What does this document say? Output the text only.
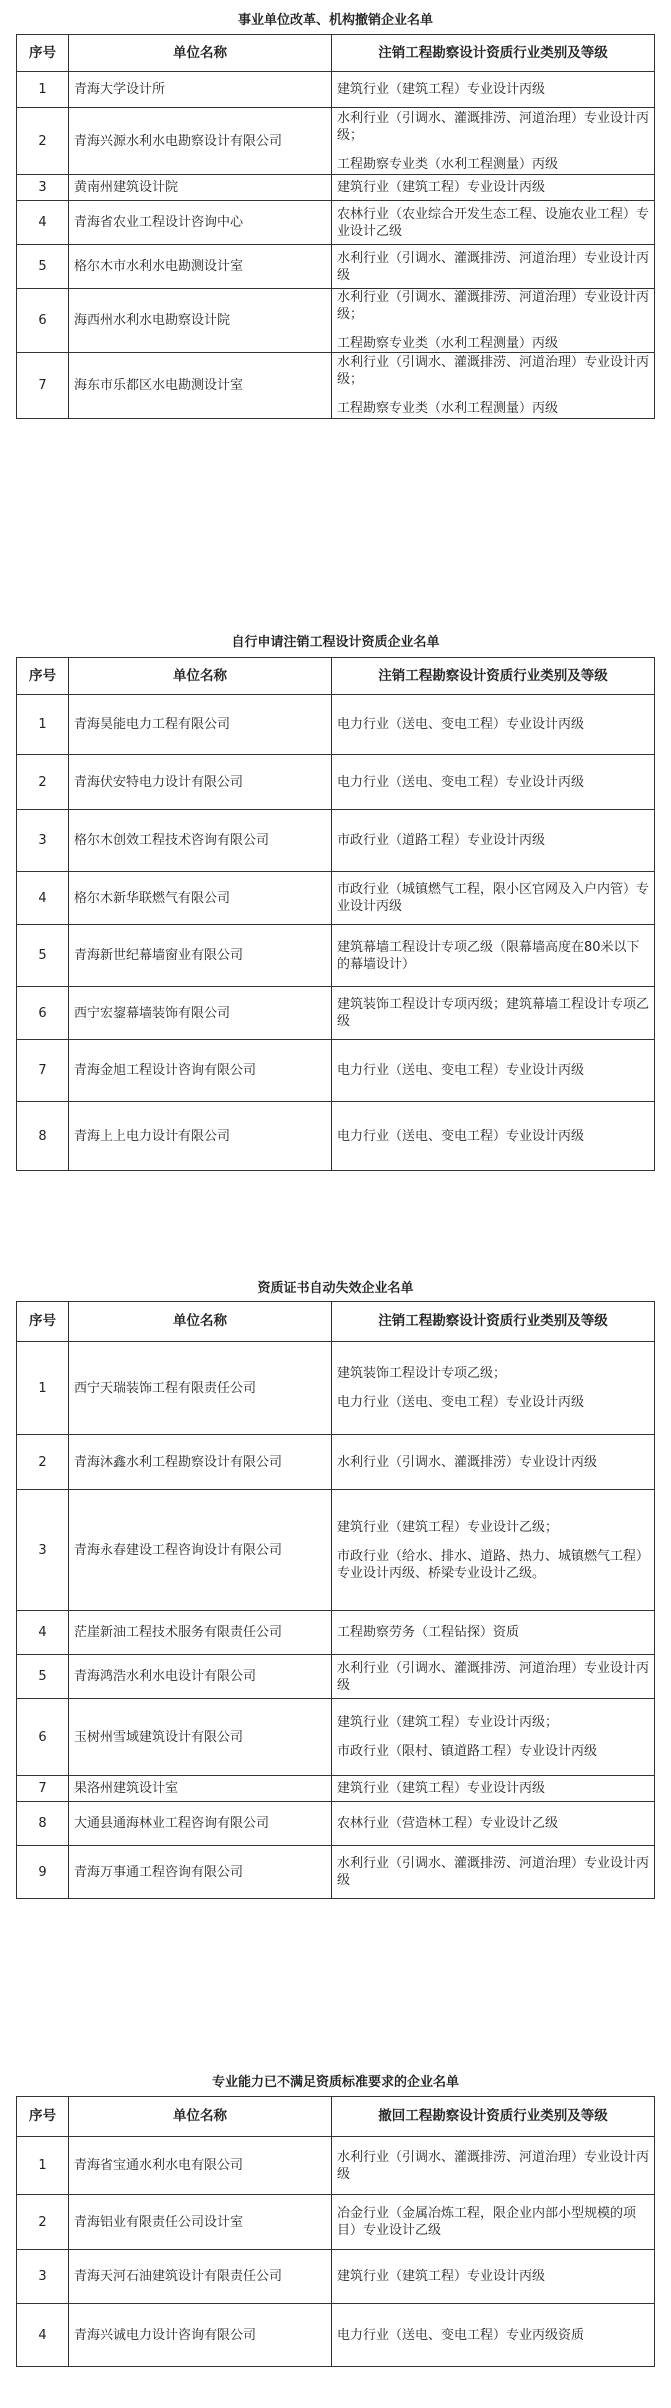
事业单位改革、机构撤销企业名单
序号	单位名称	注销工程勘察设计资质行业类别及等级
1	青海大学设计所	建筑行业（建筑工程）专业设计丙级

2	青海兴源水利水电勘察设计有限公司	水利行业（引调水、灌溉排涝、河道治理）专业设计丙级；
工程勘察专业类（水利工程测量）丙级

3	黄南州建筑设计院	建筑行业（建筑工程）专业设计丙级

4	青海省农业工程设计咨询中心	农林行业（农业综合开发生态工程、设施农业工程）专业设计乙级

5	格尔木市水利水电勘测设计室	水利行业（引调水、灌溉排涝、河道治理）专业设计丙级

6	海西州水利水电勘察设计院	水利行业（引调水、灌溉排涝、河道治理）专业设计丙级；
工程勘察专业类（水利工程测量）丙级

7	海东市乐都区水电勘测设计室	水利行业（引调水、灌溉排涝、河道治理）专业设计丙级；
工程勘察专业类（水利工程测量）丙级
自行申请注销工程设计资质企业名单
序号	单位名称	注销工程勘察设计资质行业类别及等级
1	青海昊能电力工程有限公司	电力行业（送电、变电工程）专业设计丙级

2	青海伏安特电力设计有限公司	电力行业（送电、变电工程）专业设计丙级

3	格尔木创效工程技术咨询有限公司	市政行业（道路工程）专业设计丙级

4	格尔木新华联燃气有限公司	市政行业（城镇燃气工程，限小区官网及入户内管）专业设计丙级

5	青海新世纪幕墙窗业有限公司	建筑幕墙工程设计专项乙级（限幕墙高度在80米以下的幕墙设计）

6	西宁宏鋆幕墙装饰有限公司	建筑装饰工程设计专项丙级；建筑幕墙工程设计专项乙级

7	青海金旭工程设计咨询有限公司	电力行业（送电、变电工程）专业设计丙级

8	青海上上电力设计有限公司	电力行业（送电、变电工程）专业设计丙级
资质证书自动失效企业名单
序号	单位名称	注销工程勘察设计资质行业类别及等级
1	西宁天瑞装饰工程有限责任公司	建筑装饰工程设计专项乙级；
电力行业（送电、变电工程）专业设计丙级

2	青海沐鑫水利工程勘察设计有限公司	水利行业（引调水、灌溉排涝）专业设计丙级

3	青海永春建设工程咨询设计有限公司	建筑行业（建筑工程）专业设计乙级；
市政行业（给水、排水、道路、热力、城镇燃气工程）专业设计丙级、桥梁专业设计乙级。

4	茫崖新油工程技术服务有限责任公司	工程勘察劳务（工程钻探）资质

5	青海鸿浩水利水电设计有限公司	水利行业（引调水、灌溉排涝、河道治理）专业设计丙级

6	玉树州雪域建筑设计有限公司	建筑行业（建筑工程）专业设计丙级；
市政行业（限村、镇道路工程）专业设计丙级

7	果洛州建筑设计室	建筑行业（建筑工程）专业设计丙级

8	大通县通海林业工程咨询有限公司	农林行业（营造林工程）专业设计乙级

9	青海万事通工程咨询有限公司	水利行业（引调水、灌溉排涝、河道治理）专业设计丙级
专业能力已不满足资质标准要求的企业名单
序号	单位名称	撤回工程勘察设计资质行业类别及等级
1	青海省宝通水利水电有限公司	水利行业（引调水、灌溉排涝、河道治理）专业设计丙级

2	青海铝业有限责任公司设计室	冶金行业（金属冶炼工程，限企业内部小型规模的项目）专业设计乙级

3	青海天河石油建筑设计有限责任公司	建筑行业（建筑工程）专业设计丙级

4	青海兴诚电力设计咨询有限公司	电力行业（送电、变电工程）专业丙级资质
